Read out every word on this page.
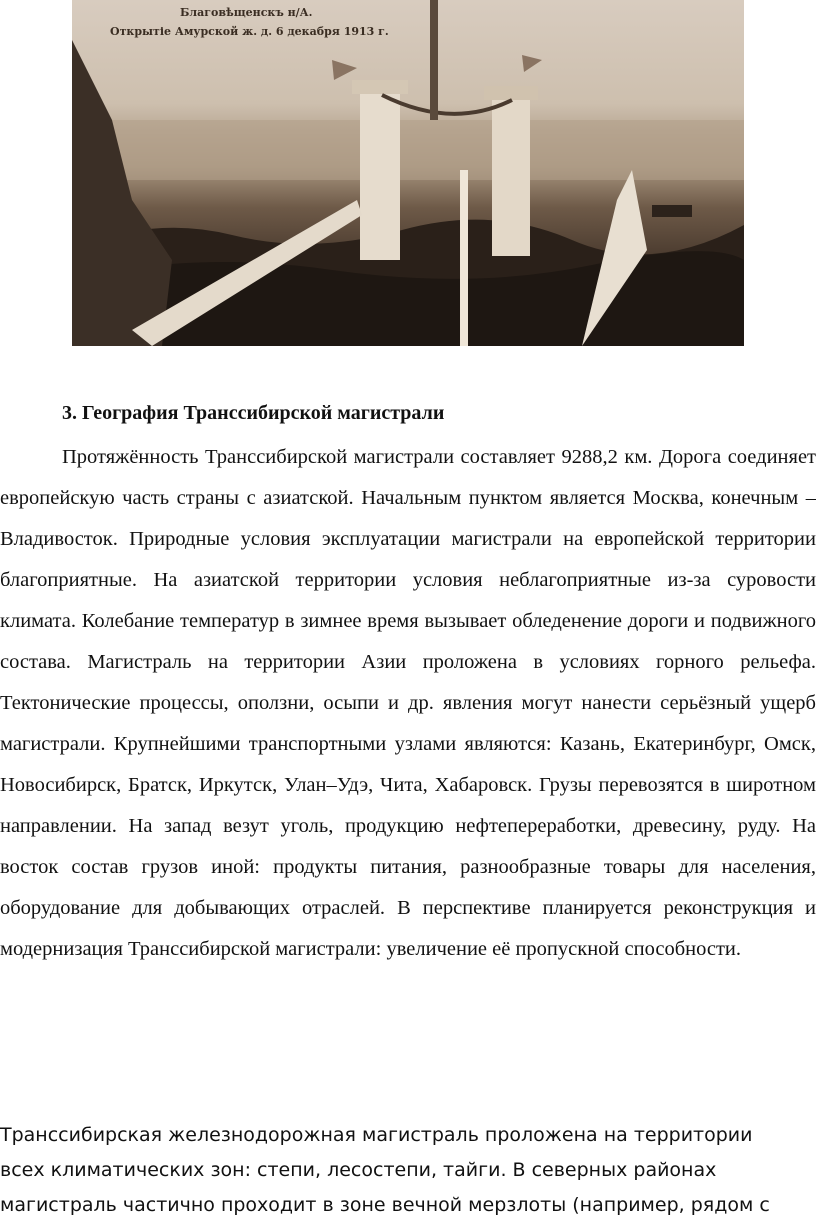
Благовѣщенскъ н/А.
Открытіе Амурской ж. д. 6 декабря 1913 г.
3. География Транссибирской магистрали

Протяжённость Транссибирской магистрали составляет 9288,2 км. Дорога соединяет европейскую часть страны с азиатской. Начальным пунктом является Москва, конечным – Владивосток. Природные условия эксплуатации магистрали на европейской территории благоприятные. На азиатской территории условия неблагоприятные из-за суровости климата. Колебание температур в зимнее время вызывает обледенение дороги и подвижного состава. Магистраль на территории Азии проложена в условиях горного рельефа. Тектонические процессы, оползни, осыпи и др. явления могут нанести серьёзный ущерб магистрали. Крупнейшими транспортными узлами являются: Казань, Екатеринбург, Омск, Новосибирск, Братск, Иркутск, Улан–Удэ, Чита, Хабаровск. Грузы перевозятся в широтном направлении. На запад везут уголь, продукцию нефтепереработки, древесину, руду. На восток состав грузов иной: продукты питания, разнообразные товары для населения, оборудование для добывающих отраслей. В перспективе планируется реконструкция и модернизация Транссибирской магистрали: увеличение её пропускной способности.

Транссибирская железнодорожная магистраль проложена на территории всех климатических зон: степи, лесостепи, тайги. В северных районах магистраль частично проходит в зоне вечной мерзлоты (например, рядом с
